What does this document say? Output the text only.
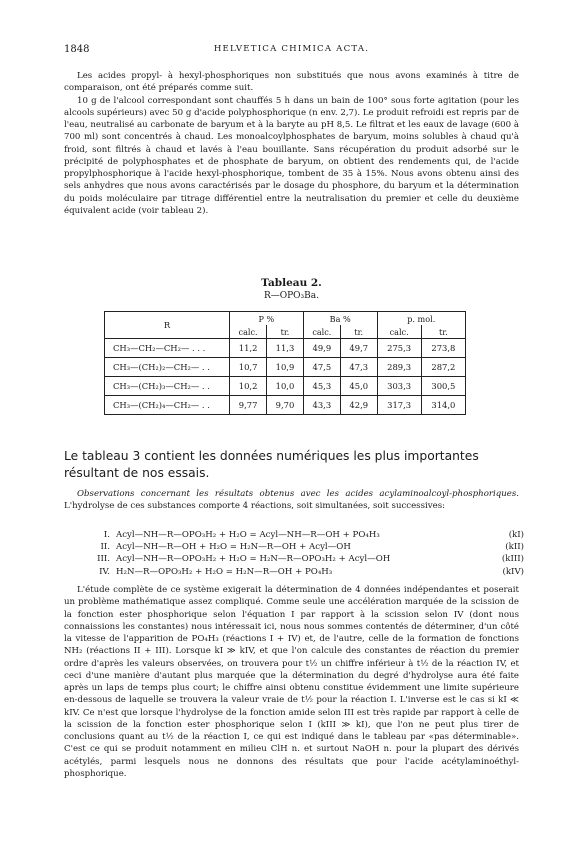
1848	HELVETICA CHIMICA ACTA.

Les acides propyl- à hexyl-phosphoriques non substitués que nous avons examinés à titre de comparaison, ont été préparés comme suit.

10 g de l'alcool correspondant sont chauffés 5 h dans un bain de 100° sous forte agitation (pour les alcools supérieurs) avec 50 g d'acide polyphosphorique (n env. 2,7). Le produit refroidi est repris par de l'eau, neutralisé au carbonate de baryum et à la baryte au pH 8,5. Le filtrat et les eaux de lavage (600 à 700 ml) sont concentrés à chaud. Les monoalcoylphosphates de baryum, moins solubles à chaud qu'à froid, sont filtrés à chaud et lavés à l'eau bouillante. Sans récupération du produit adsorbé sur le précipité de polyphosphates et de phosphate de baryum, on obtient des rendements qui, de l'acide propylphosphorique à l'acide hexyl-phosphorique, tombent de 35 à 15%. Nous avons obtenu ainsi des sels anhydres que nous avons caractérisés par le dosage du phosphore, du baryum et la détermination du poids moléculaire par titrage différentiel entre la neutralisation du premier et celle du deuxième équivalent acide (voir tableau 2).

Tableau 2.
R—OPO₃Ba.
R	P %		Ba %		p. mol.	
	calc.	tr.	calc.	tr.	calc.	tr.
CH₃—CH₂—CH₂— . . .	11,2	11,3	49,9	49,7	275,3	273,8
CH₃—(CH₂)₂—CH₂— . .	10,7	10,9	47,5	47,3	289,3	287,2
CH₃—(CH₂)₃—CH₂— . .	10,2	10,0	45,3	45,0	303,3	300,5
CH₃—(CH₂)₄—CH₂— . .	9,77	9,70	43,3	42,9	317,3	314,0
Le tableau 3 contient les données numériques les plus importantes résultant de nos essais.
Observations concernant les résultats obtenus avec les acides acylaminoalcoyl-phosphoriques. L'hydrolyse de ces substances comporte 4 réactions, soit simultanées, soit successives:
I. Acyl—NH—R—OPO₃H₂ + H₂O = Acyl—NH—R—OH + PO₄H₃	(kI)
II. Acyl—NH—R—OH + H₂O = H₂N—R—OH + Acyl—OH	(kII)
III. Acyl—NH—R—OPO₃H₂ + H₂O = H₂N—R—OPO₃H₂ + Acyl—OH	(kIII)
IV. H₂N—R—OPO₃H₂ + H₂O = H₂N—R—OH + PO₄H₃	(kIV)

L'étude complète de ce système exigerait la détermination de 4 données indépendantes et poserait un problème mathématique assez compliqué. Comme seule une accélération marquée de la scission de la fonction ester phosphorique selon l'équation I par rapport à la scission selon IV (dont nous connaissions les constantes) nous intéressait ici, nous nous sommes contentés de déterminer, d'un côté la vitesse de l'apparition de PO₄H₃ (réactions I + IV) et, de l'autre, celle de la formation de fonctions NH₂ (réactions II + III). Lorsque kI ≫ kIV, et que l'on calcule des constantes de réaction du premier ordre d'après les valeurs observées, on trouvera pour t½ un chiffre inférieur à t½ de la réaction IV, et ceci d'une manière d'autant plus marquée que la détermination du degré d'hydrolyse aura été faite après un laps de temps plus court; le chiffre ainsi obtenu constitue évidemment une limite supérieure en-dessous de laquelle se trouvera la valeur vraie de t½ pour la réaction I. L'inverse est le cas si kI ≪ kIV. Ce n'est que lorsque l'hydrolyse de la fonction amide selon III est très rapide par rapport à celle de la scission de la fonction ester phosphorique selon I (kIII ≫ kI), que l'on ne peut plus tirer de conclusions quant au t½ de la réaction I, ce qui est indiqué dans le tableau par «pas déterminable». C'est ce qui se produit notamment en milieu ClH n. et surtout NaOH n. pour la plupart des dérivés acétylés, parmi lesquels nous ne donnons des résultats que pour l'acide acétylaminoéthyl-phosphorique.
